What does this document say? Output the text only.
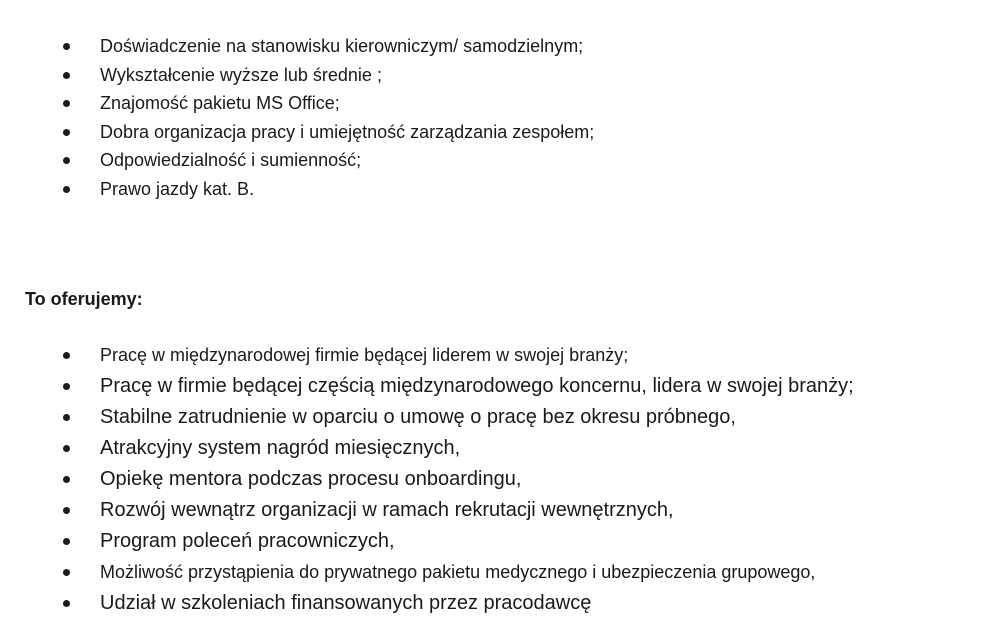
Doświadczenie na stanowisku kierowniczym/ samodzielnym;
Wykształcenie wyższe lub średnie ;
Znajomość pakietu MS Office;
Dobra organizacja pracy i umiejętność zarządzania zespołem;
Odpowiedzialność i sumienność;
Prawo jazdy kat. B.
To oferujemy:
Pracę w międzynarodowej firmie będącej liderem w swojej branży;
Pracę w firmie będącej częścią międzynarodowego koncernu, lidera w swojej branży;
Stabilne zatrudnienie w oparciu o umowę o pracę bez okresu próbnego,
Atrakcyjny system nagród miesięcznych,
Opiekę mentora podczas procesu onboardingu,
Rozwój wewnątrz organizacji w ramach rekrutacji wewnętrznych,
Program poleceń pracowniczych,
Możliwość przystąpienia do prywatnego pakietu medycznego i ubezpieczenia grupowego,
Udział w szkoleniach finansowanych przez pracodawcę
